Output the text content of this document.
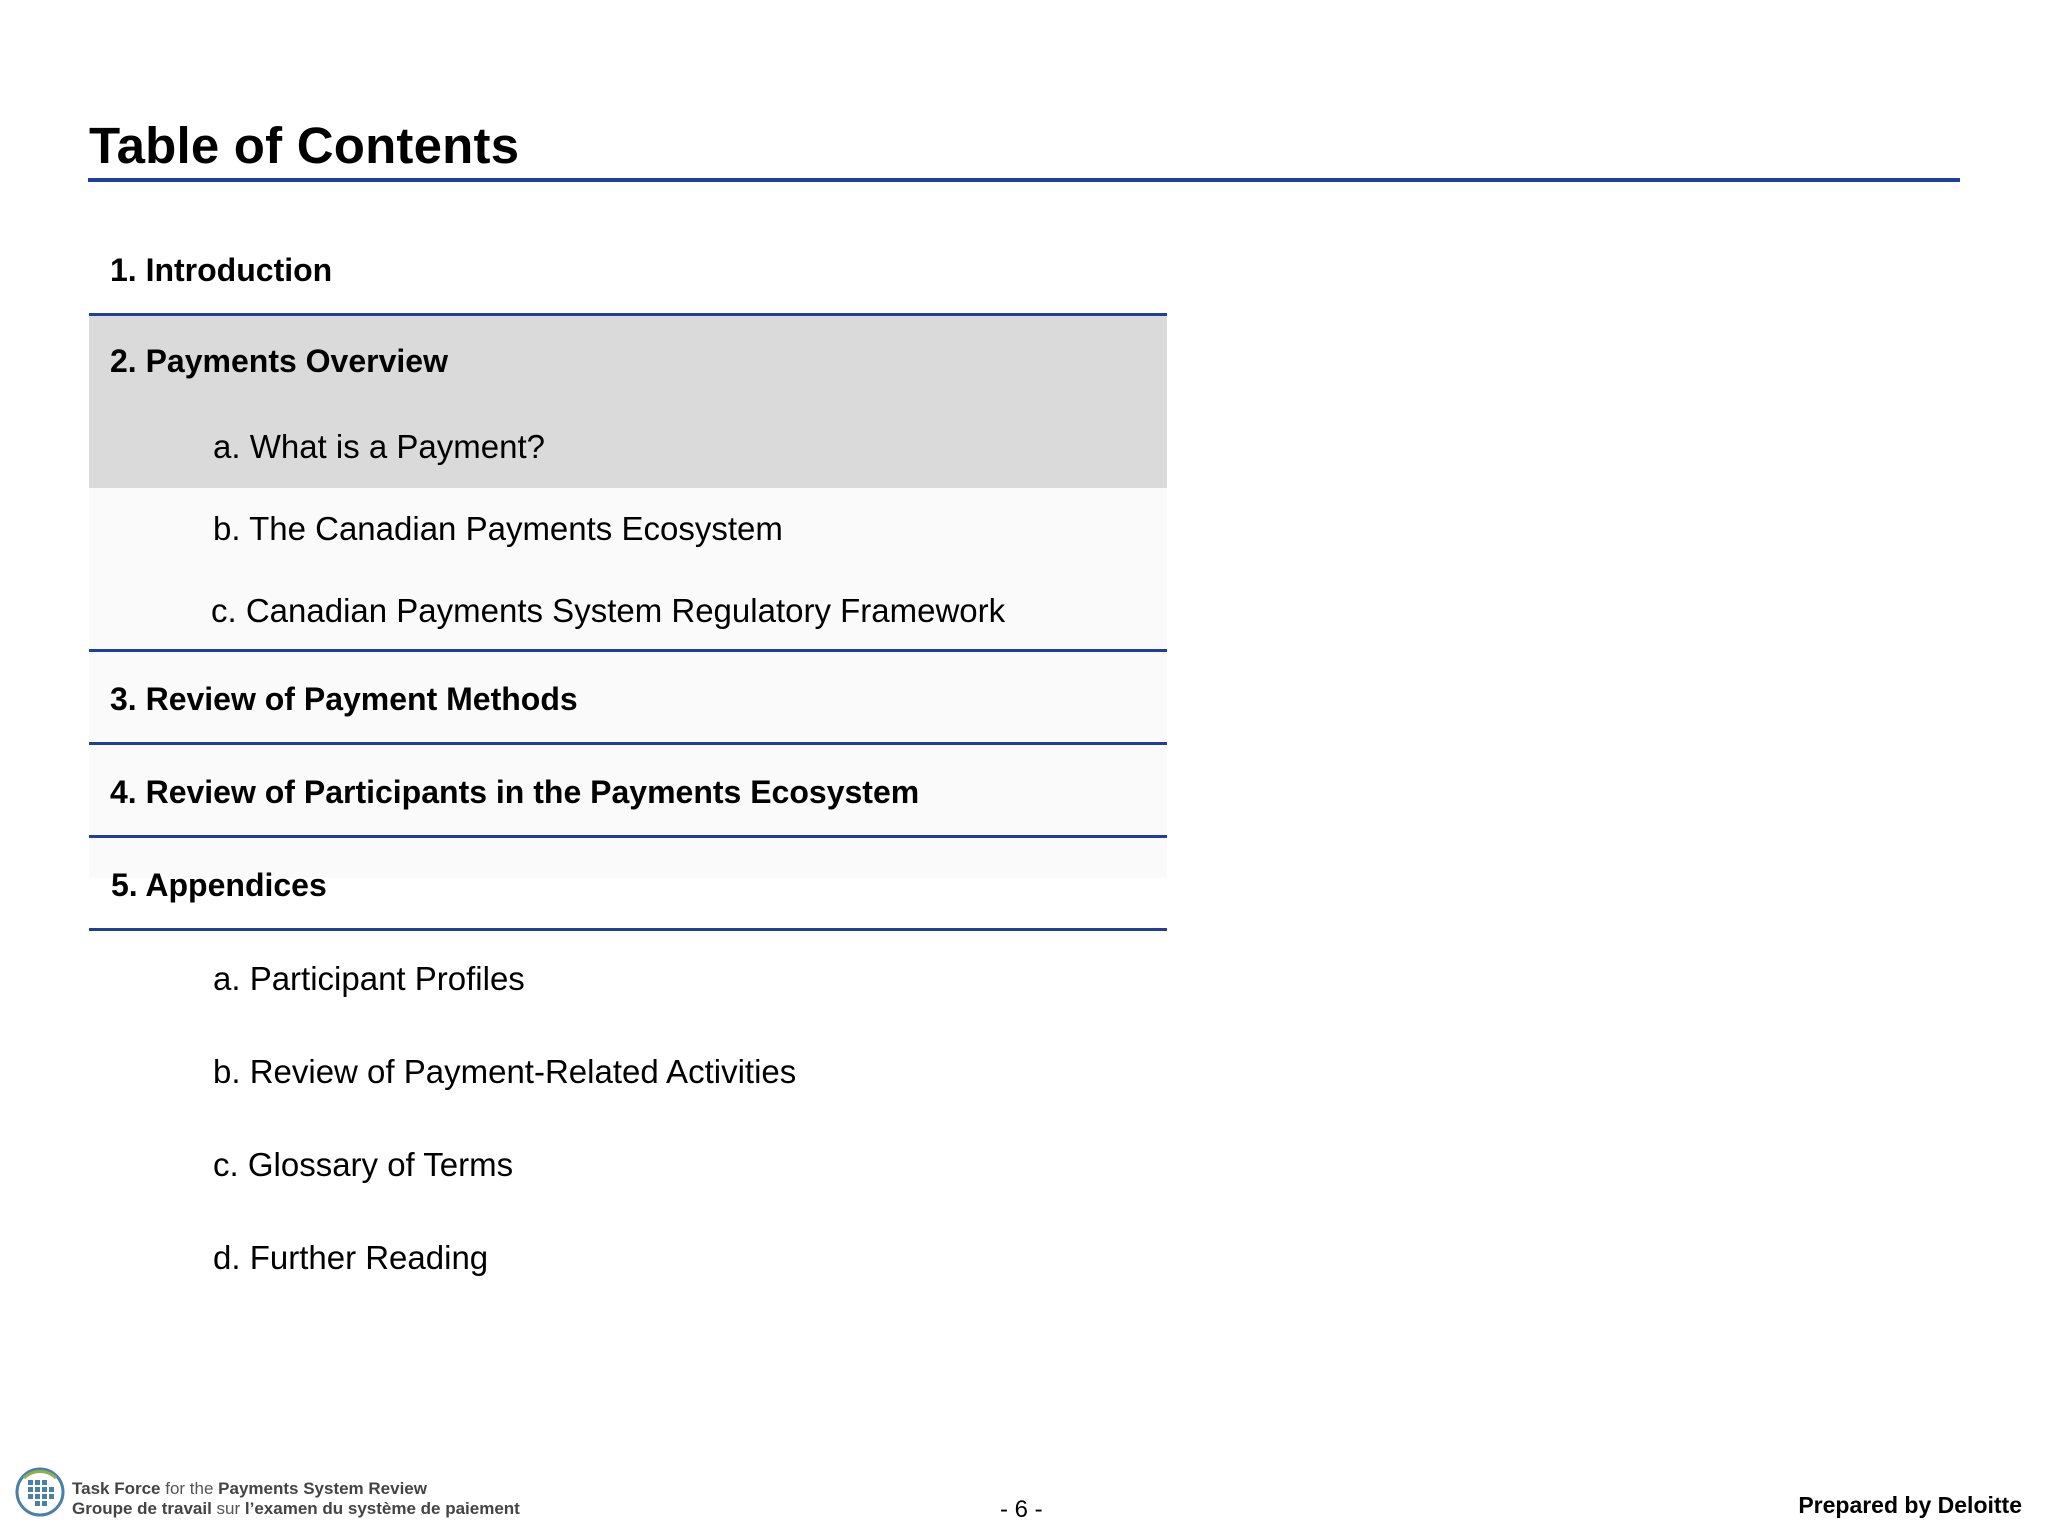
Table of Contents
1. Introduction
2. Payments Overview
a. What is a Payment?
b. The Canadian Payments Ecosystem
c. Canadian Payments System Regulatory Framework
3. Review of Payment Methods
4. Review of Participants in the Payments Ecosystem
5. Appendices
a. Participant Profiles
b. Review of Payment-Related Activities
c. Glossary of Terms
d. Further Reading
Task Force for the Payments System Review
Groupe de travail sur l’examen du système de paiement	- 6 -	Prepared by Deloitte
